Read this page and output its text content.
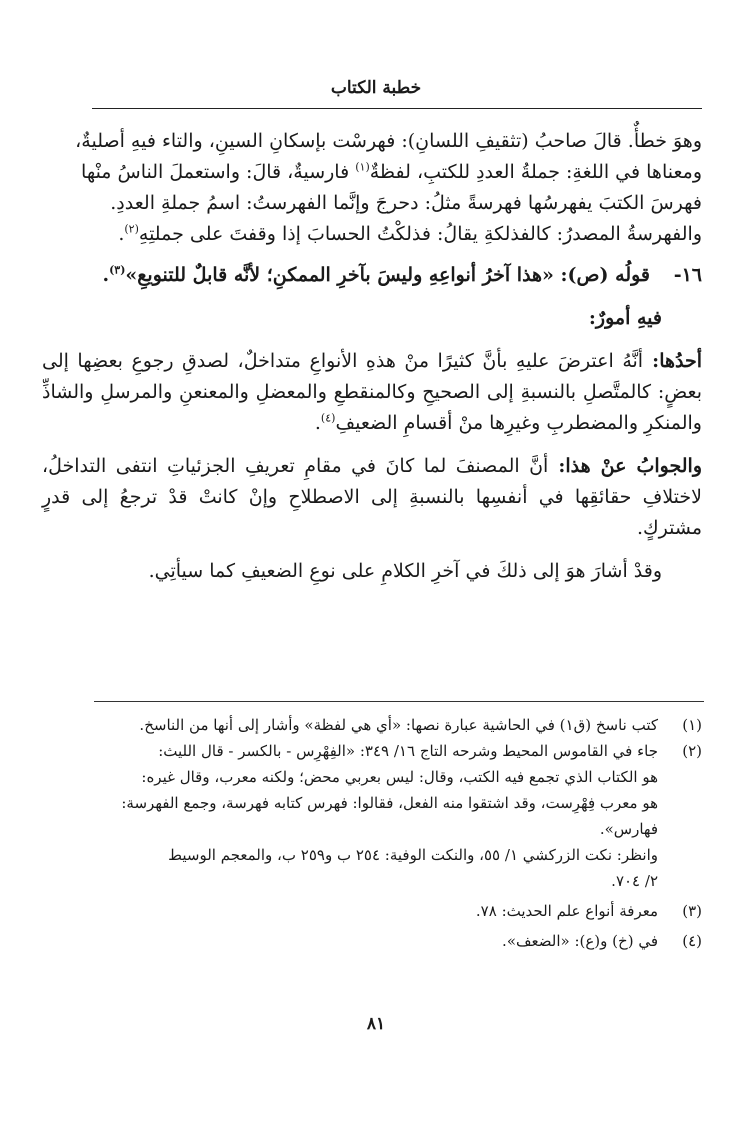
خطبة الكتاب

وهوَ خطأٌ. قالَ صاحبُ (تثقيفِ اللسانِ): فهرسْت بإسكانِ السينِ، والتاء فيهِ أصليةٌ،
ومعناها في اللغةِ: جملةُ العددِ للكتبِ، لفظةٌ$^{(١)}$ فارسيةٌ، قالَ: واستعملَ الناسُ منْها
فهرسَ الكتبَ يفهرسُها فهرسةً مثلُ: دحرجَ وإنَّما الفهرستُ: اسمُ جملةِ العددِ.
والفهرسةُ المصدرُ: كالفذلكةِ يقالُ: فذلكْتُ الحسابَ إذا وقفتَ على جملتِهِ$^{(٢)}$.

١٦-قولُه (ص): «هذا آخرُ أنواعِهِ وليسَ بآخرِ الممكنِ؛ لأنَّه قابلٌ للتنويعِ»$^{(٣)}$.

فيهِ أمورٌ:

أحدُها: أنَّهُ اعترضَ عليهِ بأنَّ كثيرًا منْ هذهِ الأنواعِ متداخلٌ، لصدقِ رجوعِ بعضِها إلى بعضٍ: كالمتَّصلِ بالنسبةِ إلى الصحيحِ وكالمنقطعِ والمعضلِ والمعنعنِ والمرسلِ والشاذِّ والمنكرِ والمضطربِ وغيرِها منْ أقسامِ الضعيفِ$^{(٤)}$.

والجوابُ عنْ هذا: أنَّ المصنفَ لما كانَ في مقامِ تعريفِ الجزئياتِ انتفى التداخلُ، لاختلافِ حقائقِها في أنفسِها بالنسبةِ إلى الاصطلاحِ وإنْ كانتْ قدْ ترجعُ إلى قدرٍ مشتركٍ.

وقدْ أشارَ هوَ إلى ذلكَ في آخرِ الكلامِ على نوعِ الضعيفِ كما سيأتِي.

(١)
كتب ناسخ (ق١) في الحاشية عبارة نصها: «أي هي لفظة» وأشار إلى أنها من الناسخ.
(٢)
جاء في القاموس المحيط وشرحه التاج ١٦/ ٣٤٩: «الفِهْرِس - بالكسر - قال الليث:
هو الكتاب الذي تجمع فيه الكتب، وقال: ليس بعربي محض؛ ولكنه معرب، وقال غيره:
هو معرب فِهْرِست، وقد اشتقوا منه الفعل، فقالوا: فهرس كتابه فهرسة، وجمع الفهرسة:
فهارس».
وانظر: نكت الزركشي ١/ ٥٥، والنكت الوفية: ٢٥٤ ب و٢٥٩ ب، والمعجم الوسيط
٢/ ٧٠٤.
(٣)
معرفة أنواع علم الحديث: ٧٨.
(٤)
في (خ) و(ع): «الضعف».
٨١
